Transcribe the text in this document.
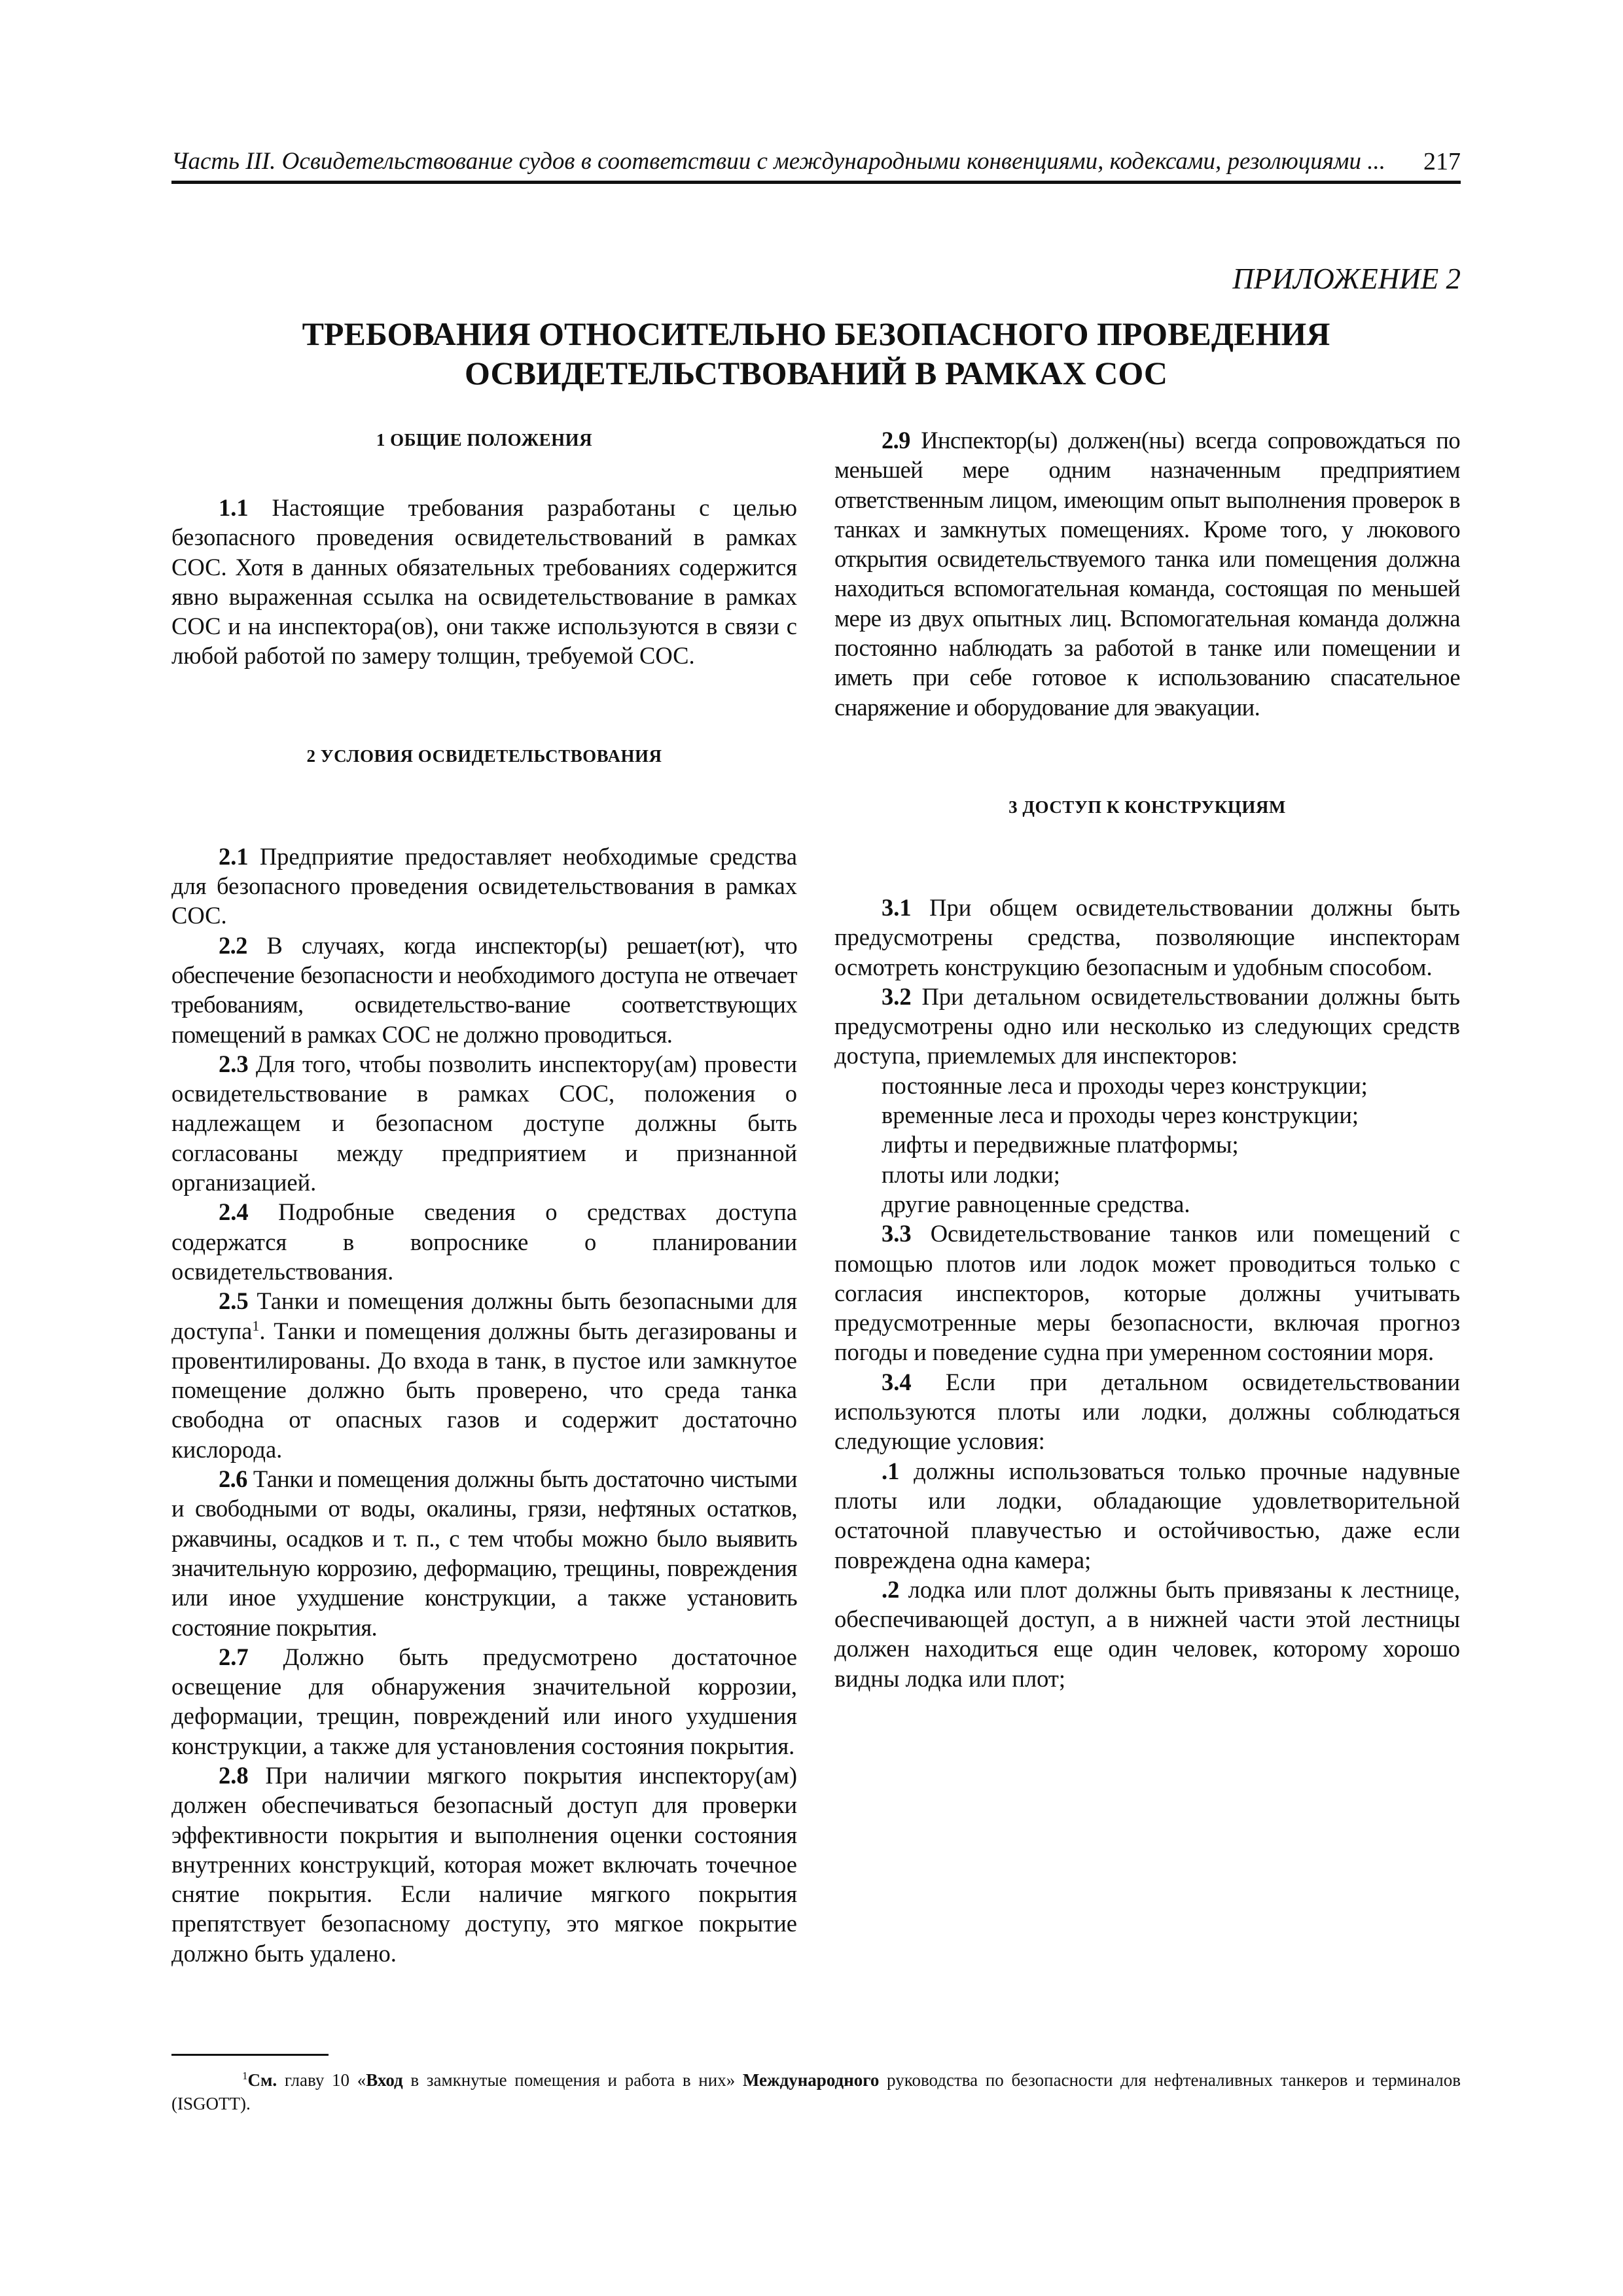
Часть III. Освидетельствование судов в соответствии с международными конвенциями, кодексами, резолюциями ... 217
ПРИЛОЖЕНИЕ 2
ТРЕБОВАНИЯ ОТНОСИТЕЛЬНО БЕЗОПАСНОГО ПРОВЕДЕНИЯ
ОСВИДЕТЕЛЬСТВОВАНИЙ В РАМКАХ СОС
1 ОБЩИЕ ПОЛОЖЕНИЯ

1.1 Настоящие требования разработаны с целью безопасного проведения освидетельствований в рамках СОС. Хотя в данных обязательных требованиях содержится явно выраженная ссылка на освидетельствование в рамках СОС и на инспектора(ов), они также используются в связи с любой работой по замеру толщин, требуемой СОС.

2 УСЛОВИЯ ОСВИДЕТЕЛЬСТВОВАНИЯ

2.1 Предприятие предоставляет необходимые средства для безопасного проведения освидетельствования в рамках СОС.

2.2 В случаях, когда инспектор(ы) решает(ют), что обеспечение безопасности и необходимого доступа не отвечает требованиям, освидетельство-вание соответствующих помещений в рамках СОС не должно проводиться.

2.3 Для того, чтобы позволить инспектору(ам) провести освидетельствование в рамках СОС, положения о надлежащем и безопасном доступе должны быть согласованы между предприятием и признанной организацией.

2.4 Подробные сведения о средствах доступа содержатся в вопроснике о планировании освидетельствования.

2.5 Танки и помещения должны быть безопасными для доступа$^1$. Танки и помещения должны быть дегазированы и провентилированы. До входа в танк, в пустое или замкнутое помещение должно быть проверено, что среда танка свободна от опасных газов и содержит достаточно кислорода.

2.6 Танки и помещения должны быть достаточно чистыми и свободными от воды, окалины, грязи, нефтяных остатков, ржавчины, осадков и т. п., с тем чтобы можно было выявить значительную коррозию, деформацию, трещины, повреждения или иное ухудшение конструкции, а также установить состояние покрытия.

2.7 Должно быть предусмотрено достаточное освещение для обнаружения значительной коррозии, деформации, трещин, повреждений или иного ухудшения конструкции, а также для установления состояния покрытия.

2.8 При наличии мягкого покрытия инспектору(ам) должен обеспечиваться безопасный доступ для проверки эффективности покрытия и выполнения оценки состояния внутренних конструкций, которая может включать точечное снятие покрытия. Если наличие мягкого покрытия препятствует безопасному доступу, это мягкое покрытие должно быть удалено.

2.9 Инспектор(ы) должен(ны) всегда сопровождаться по меньшей мере одним назначенным предприятием ответственным лицом, имеющим опыт выполнения проверок в танках и замкнутых помещениях. Кроме того, у люкового открытия освидетельствуемого танка или помещения должна находиться вспомогательная команда, состоящая по меньшей мере из двух опытных лиц. Вспомогательная команда должна постоянно наблюдать за работой в танке или помещении и иметь при себе готовое к использованию спасательное снаряжение и оборудование для эвакуации.

3 ДОСТУП К КОНСТРУКЦИЯМ

3.1 При общем освидетельствовании должны быть предусмотрены средства, позволяющие инспекторам осмотреть конструкцию безопасным и удобным способом.

3.2 При детальном освидетельствовании должны быть предусмотрены одно или несколько из следующих средств доступа, приемлемых для инспекторов:

постоянные леса и проходы через конструкции;

временные леса и проходы через конструкции;

лифты и передвижные платформы;

плоты или лодки;

другие равноценные средства.

3.3 Освидетельствование танков или помещений с помощью плотов или лодок может проводиться только с согласия инспекторов, которые должны учитывать предусмотренные меры безопасности, включая прогноз погоды и поведение судна при умеренном состоянии моря.

3.4 Если при детальном освидетельствовании используются плоты или лодки, должны соблюдаться следующие условия:

.1 должны использоваться только прочные надувные плоты или лодки, обладающие удовлетворительной остаточной плавучестью и остойчивостью, даже если повреждена одна камера;

.2 лодка или плот должны быть привязаны к лестнице, обеспечивающей доступ, а в нижней части этой лестницы должен находиться еще один человек, которому хорошо видны лодка или плот;

$^1$См. главу 10 «Вход в замкнутые помещения и работа в них» Международного руководства по безопасности для нефтеналивных танкеров и терминалов (ISGOTT).
